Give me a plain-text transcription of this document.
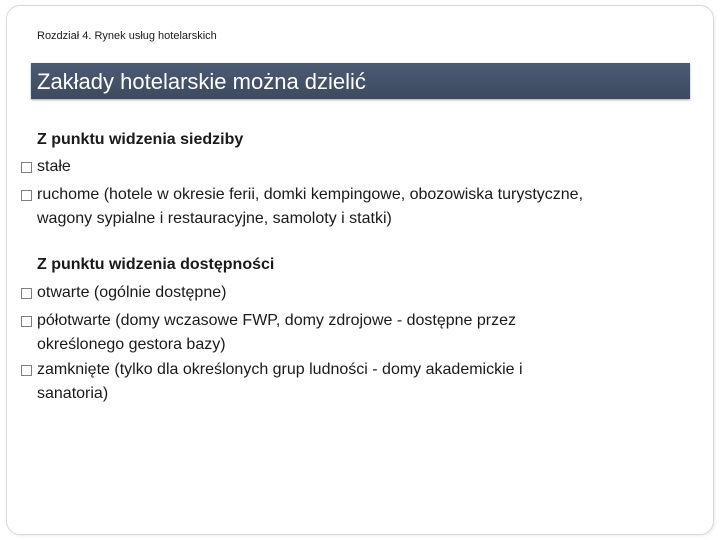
Rozdział 4. Rynek usług hotelarskich
Zakłady hotelarskie można dzielić
Z punktu widzenia siedziby
stałe
ruchome (hotele w okresie ferii, domki kempingowe, obozowiska turystyczne, wagony sypialne i restauracyjne, samoloty i statki)
Z punktu widzenia dostępności
otwarte (ogólnie dostępne)
półotwarte (domy wczasowe FWP, domy zdrojowe - dostępne przez określonego gestora bazy)
zamknięte (tylko dla określonych grup ludności - domy akademickie i sanatoria)
